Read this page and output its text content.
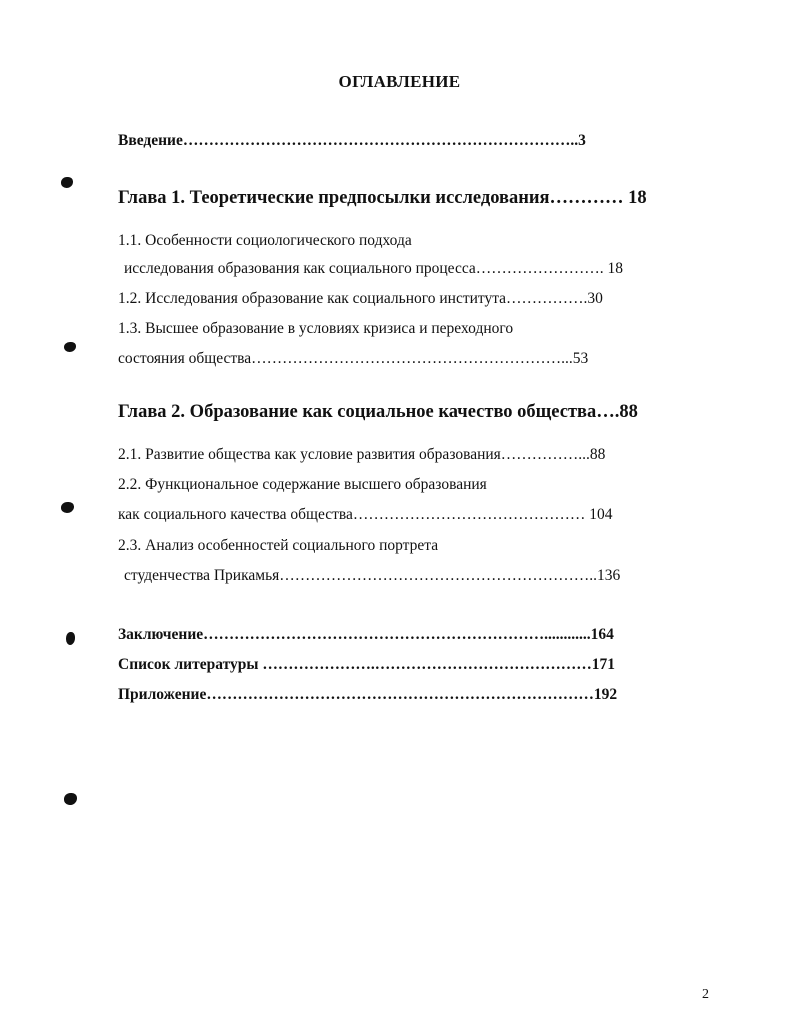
ОГЛАВЛЕНИЕ
Введение…………………………………………………………………..3
Глава 1. Теоретические предпосылки исследования………… 18
1.1. Особенности социологического подхода
исследования образования как социального процесса……………………. 18
1.2. Исследования образование как социального института…………….30
1.3. Высшее образование в условиях кризиса и переходного
состояния общества……………………………………………………...53
Глава 2. Образование как социальное качество общества….88
2.1. Развитие общества как условие развития образования……………...88
2.2. Функциональное содержание высшего образования
как социального качества общества……………………………………… 104
2.3. Анализ особенностей социального портрета
студенчества Прикамья……………………………………………………..136
Заключение…………………………………………………………............164
Список литературы ………………….……………………………………171
Приложение…………………………………………………………………192
2
